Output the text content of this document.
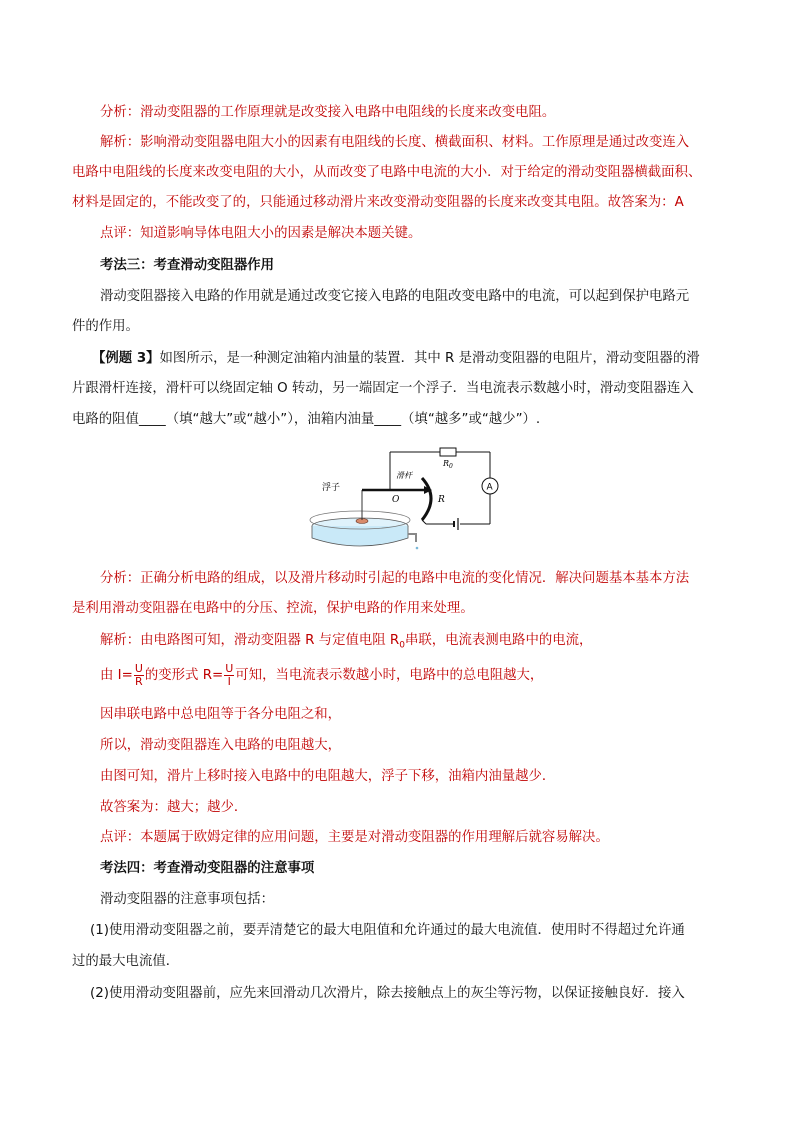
分析：滑动变阻器的工作原理就是改变接入电路中电阻线的长度来改变电阻。
解析：影响滑动变阻器电阻大小的因素有电阻线的长度、横截面积、材料。工作原理是通过改变连入
电路中电阻线的长度来改变电阻的大小，从而改变了电路中电流的大小．对于给定的滑动变阻器横截面积、
材料是固定的，不能改变了的，只能通过移动滑片来改变滑动变阻器的长度来改变其电阻。故答案为：A
点评：知道影响导体电阻大小的因素是解决本题关键。
考法三：考查滑动变阻器作用
滑动变阻器接入电路的作用就是通过改变它接入电路的电阻改变电路中的电流，可以起到保护电路元
件的作用。
【例题 3】如图所示，是一种测定油箱内油量的装置．其中 R 是滑动变阻器的电阻片，滑动变阻器的滑
片跟滑杆连接，滑杆可以绕固定轴 O 转动，另一端固定一个浮子．当电流表示数越小时，滑动变阻器连入
电路的阻值____（填“越大”或“越小”），油箱内油量____（填“越多”或“越少”）.
浮子
滑杆
O	R
$R_0$
A
分析：正确分析电路的组成，以及滑片移动时引起的电路中电流的变化情况．解决问题基本基本方法
是利用滑动变阻器在电路中的分压、控流，保护电路的作用来处理。
解析：由电路图可知，滑动变阻器 R 与定值电阻 $R_0$串联，电流表测电路中的电流，
由 $I= \frac{U}{R}$ 的变形式 $R= \frac{U}{I}$ 可知，当电流表示数越小时，电路中的总电阻越大，
因串联电路中总电阻等于各分电阻之和，
所以，滑动变阻器连入电路的电阻越大，
由图可知，滑片上移时接入电路中的电阻越大，浮子下移，油箱内油量越少．
故答案为：越大；越少．
点评：本题属于欧姆定律的应用问题，主要是对滑动变阻器的作用理解后就容易解决。
考法四：考查滑动变阻器的注意事项
滑动变阻器的注意事项包括：
(1)使用滑动变阻器之前，要弄清楚它的最大电阻值和允许通过的最大电流值．使用时不得超过允许通
过的最大电流值．
(2)使用滑动变阻器前，应先来回滑动几次滑片，除去接触点上的灰尘等污物，以保证接触良好．接入
